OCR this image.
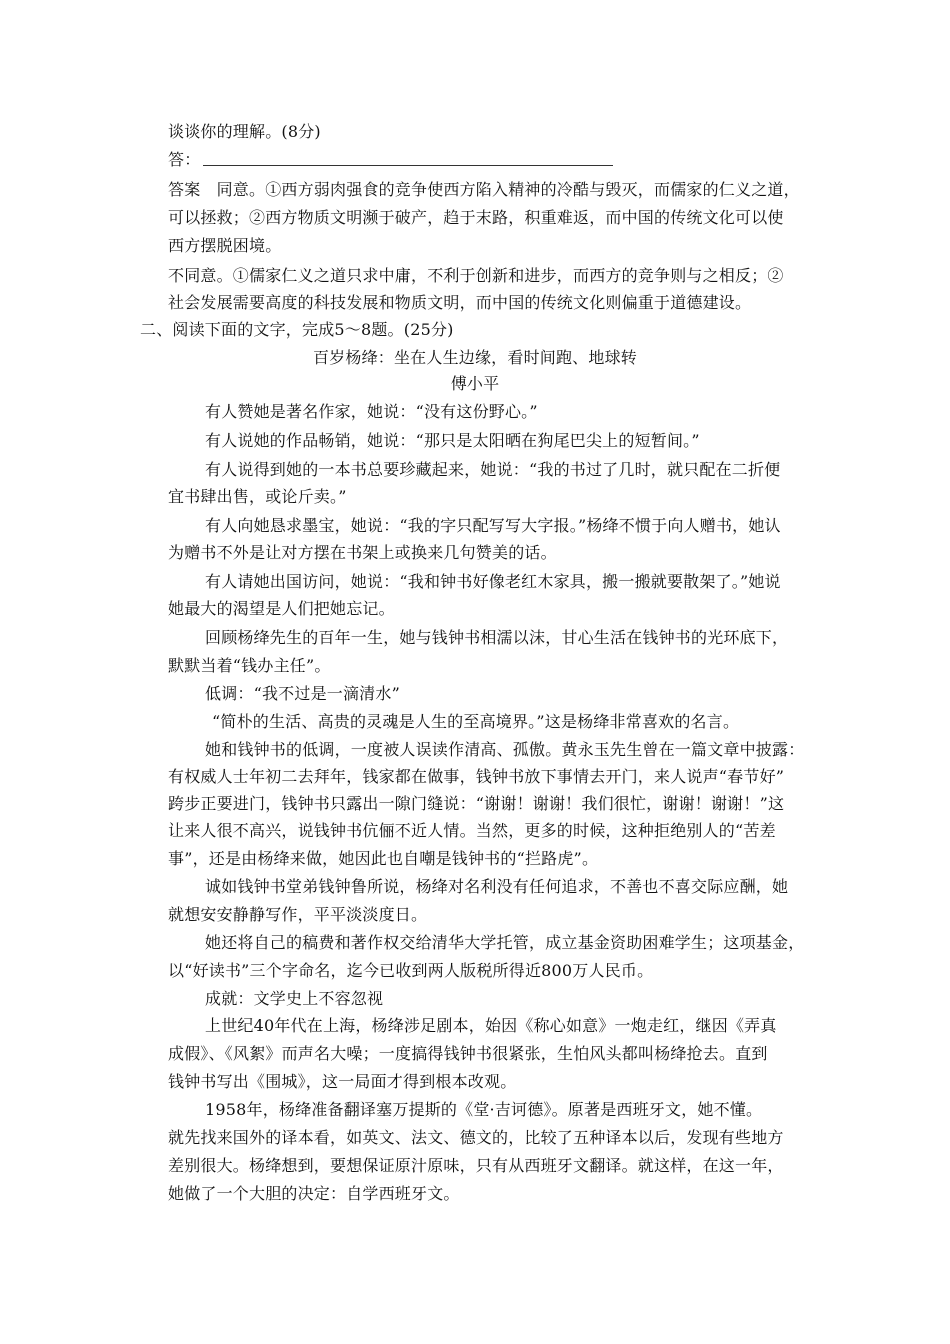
谈谈你的理解。(8分)
答：
答案　同意。①西方弱肉强食的竞争使西方陷入精神的冷酷与毁灭，而儒家的仁义之道，
可以拯救；②西方物质文明濒于破产，趋于末路，积重难返，而中国的传统文化可以使
西方摆脱困境。
不同意。①儒家仁义之道只求中庸，不利于创新和进步，而西方的竞争则与之相反；②
社会发展需要高度的科技发展和物质文明，而中国的传统文化则偏重于道德建设。
二、阅读下面的文字，完成5～8题。(25分)
百岁杨绛：坐在人生边缘，看时间跑、地球转
傅小平
有人赞她是著名作家，她说：“没有这份野心。”
有人说她的作品畅销，她说：“那只是太阳晒在狗尾巴尖上的短暂间。”
有人说得到她的一本书总要珍藏起来，她说：“我的书过了几时，就只配在二折便
宜书肆出售，或论斤卖。”
有人向她恳求墨宝，她说：“我的字只配写写大字报。”杨绛不惯于向人赠书，她认
为赠书不外是让对方摆在书架上或换来几句赞美的话。
有人请她出国访问，她说：“我和钟书好像老红木家具，搬一搬就要散架了。”她说
她最大的渴望是人们把她忘记。
回顾杨绛先生的百年一生，她与钱钟书相濡以沫，甘心生活在钱钟书的光环底下，
默默当着“钱办主任”。
低调：“我不过是一滴清水”
“简朴的生活、高贵的灵魂是人生的至高境界。”这是杨绛非常喜欢的名言。
她和钱钟书的低调，一度被人误读作清高、孤傲。黄永玉先生曾在一篇文章中披露：
有权威人士年初二去拜年，钱家都在做事，钱钟书放下事情去开门，来人说声“春节好”
跨步正要进门，钱钟书只露出一隙门缝说：“谢谢！谢谢！我们很忙，谢谢！谢谢！”这
让来人很不高兴，说钱钟书伉俪不近人情。当然，更多的时候，这种拒绝别人的“苦差
事”，还是由杨绛来做，她因此也自嘲是钱钟书的“拦路虎”。
诚如钱钟书堂弟钱钟鲁所说，杨绛对名利没有任何追求，不善也不喜交际应酬，她
就想安安静静写作，平平淡淡度日。
她还将自己的稿费和著作权交给清华大学托管，成立基金资助困难学生；这项基金，
以“好读书”三个字命名，迄今已收到两人版税所得近800万人民币。
成就：文学史上不容忽视
上世纪40年代在上海，杨绛涉足剧本，始因《称心如意》一炮走红，继因《弄真
成假》、《风絮》而声名大噪；一度搞得钱钟书很紧张，生怕风头都叫杨绛抢去。直到
钱钟书写出《围城》，这一局面才得到根本改观。
1958年，杨绛准备翻译塞万提斯的《堂·吉诃德》。原著是西班牙文，她不懂。
就先找来国外的译本看，如英文、法文、德文的，比较了五种译本以后，发现有些地方
差别很大。杨绛想到，要想保证原汁原味，只有从西班牙文翻译。就这样，在这一年，
她做了一个大胆的决定：自学西班牙文。
